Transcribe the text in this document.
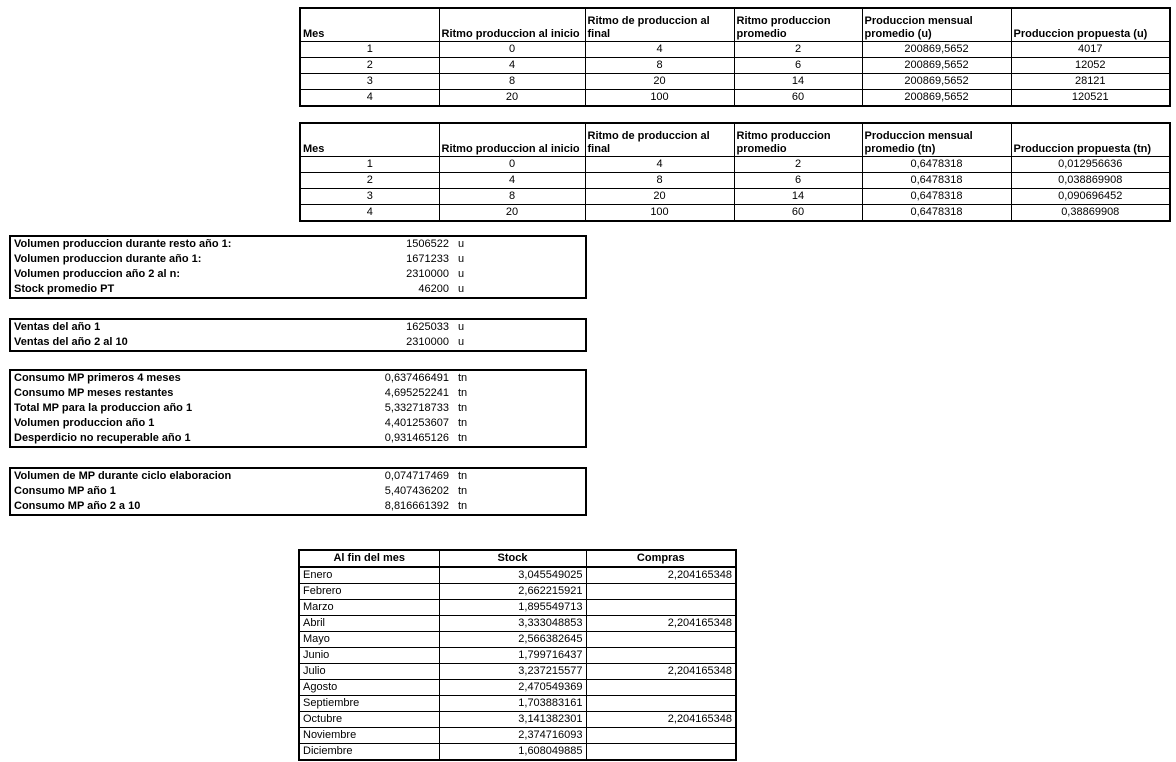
Mes	Ritmo produccion al inicio	Ritmo de produccion al final	Ritmo produccion promedio	Produccion mensual promedio (u)	Produccion propuesta (u)
1	0	4	2	200869,5652	4017
2	4	8	6	200869,5652	12052
3	8	20	14	200869,5652	28121
4	20	100	60	200869,5652	120521
Mes	Ritmo produccion al inicio	Ritmo de produccion al final	Ritmo produccion promedio	Produccion mensual promedio (tn)	Produccion propuesta (tn)
1	0	4	2	0,6478318	0,012956636
2	4	8	6	0,6478318	0,038869908
3	8	20	14	0,6478318	0,090696452
4	20	100	60	0,6478318	0,38869908
Volumen produccion durante resto año 1:	1506522	u
Volumen produccion durante año 1:	1671233	u
Volumen produccion año 2 al n:	2310000	u
Stock promedio PT	46200	u
Ventas del año 1	1625033	u
Ventas del año 2 al 10	2310000	u
Consumo MP primeros 4 meses	0,637466491	tn
Consumo MP meses restantes	4,695252241	tn
Total MP para la produccion año 1	5,332718733	tn
Volumen produccion año 1	4,401253607	tn
Desperdicio no recuperable año 1	0,931465126	tn
Volumen de MP durante ciclo elaboracion	0,074717469	tn
Consumo MP año 1	5,407436202	tn
Consumo MP año 2 a 10	8,816661392	tn
Al fin del mes	Stock	Compras
Enero	3,045549025	2,204165348
Febrero	2,662215921	
Marzo	1,895549713	
Abril	3,333048853	2,204165348
Mayo	2,566382645	
Junio	1,799716437	
Julio	3,237215577	2,204165348
Agosto	2,470549369	
Septiembre	1,703883161	
Octubre	3,141382301	2,204165348
Noviembre	2,374716093	
Diciembre	1,608049885	
